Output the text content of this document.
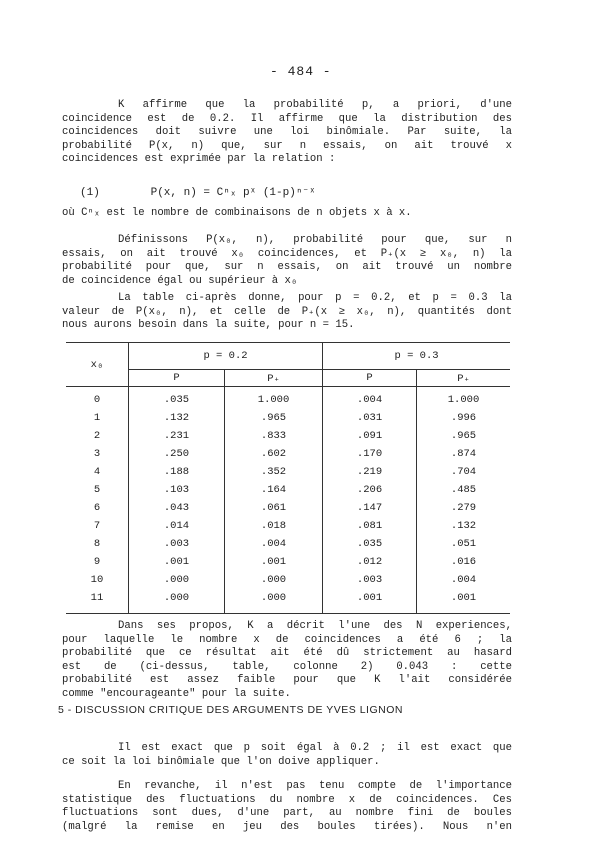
- 484 -
K affirme que la probabilité p, a priori, d'une
coincidence est de 0.2. Il affirme que la distribution des
coincidences doit suivre une loi binômiale. Par suite, la
probabilité P(x, n) que, sur n essais, on ait trouvé x
coincidences est exprimée par la relation :
(1)	P(x, n) = Cⁿₓ pˣ (1-p)ⁿ⁻ˣ
où Cⁿₓ est le nombre de combinaisons de n objets x à x.
Définissons P(x₀, n), probabilité pour que, sur n
essais, on ait trouvé x₀ coincidences, et P₊(x ≥ x₀, n) la
probabilité pour que, sur n essais, on ait trouvé un nombre
de coincidence égal ou supérieur à x₀
La table ci-après donne, pour p = 0.2, et p = 0.3 la
valeur de P(x₀, n), et celle de P₊(x ≥ x₀, n), quantités dont
nous aurons besoin dans la suite, pour n = 15.
x₀	p = 0.2		p = 0.3	
	P	P₊	P	P₊
0	.035	1.000	.004	1.000
1	.132	.965	.031	.996
2	.231	.833	.091	.965
3	.250	.602	.170	.874
4	.188	.352	.219	.704
5	.103	.164	.206	.485
6	.043	.061	.147	.279
7	.014	.018	.081	.132
8	.003	.004	.035	.051
9	.001	.001	.012	.016
10	.000	.000	.003	.004
11	.000	.000	.001	.001
Dans ses propos, K a décrit l'une des N experiences,
pour laquelle le nombre x de coincidences a été 6 ; la
probabilité que ce résultat ait été dû strictement au hasard
est de (ci-dessus, table, colonne 2) 0.043 : cette
probabilité est assez faible pour que K l'ait considérée
comme "encourageante" pour la suite.
5 - DISCUSSION CRITIQUE DES ARGUMENTS DE YVES LIGNON
Il est exact que p soit égal à 0.2 ; il est exact que
ce soit la loi binômiale que l'on doive appliquer.
En revanche, il n'est pas tenu compte de l'importance
statistique des fluctuations du nombre x de coincidences. Ces
fluctuations sont dues, d'une part, au nombre fini de boules
(malgré la remise en jeu des boules tirées). Nous n'en
